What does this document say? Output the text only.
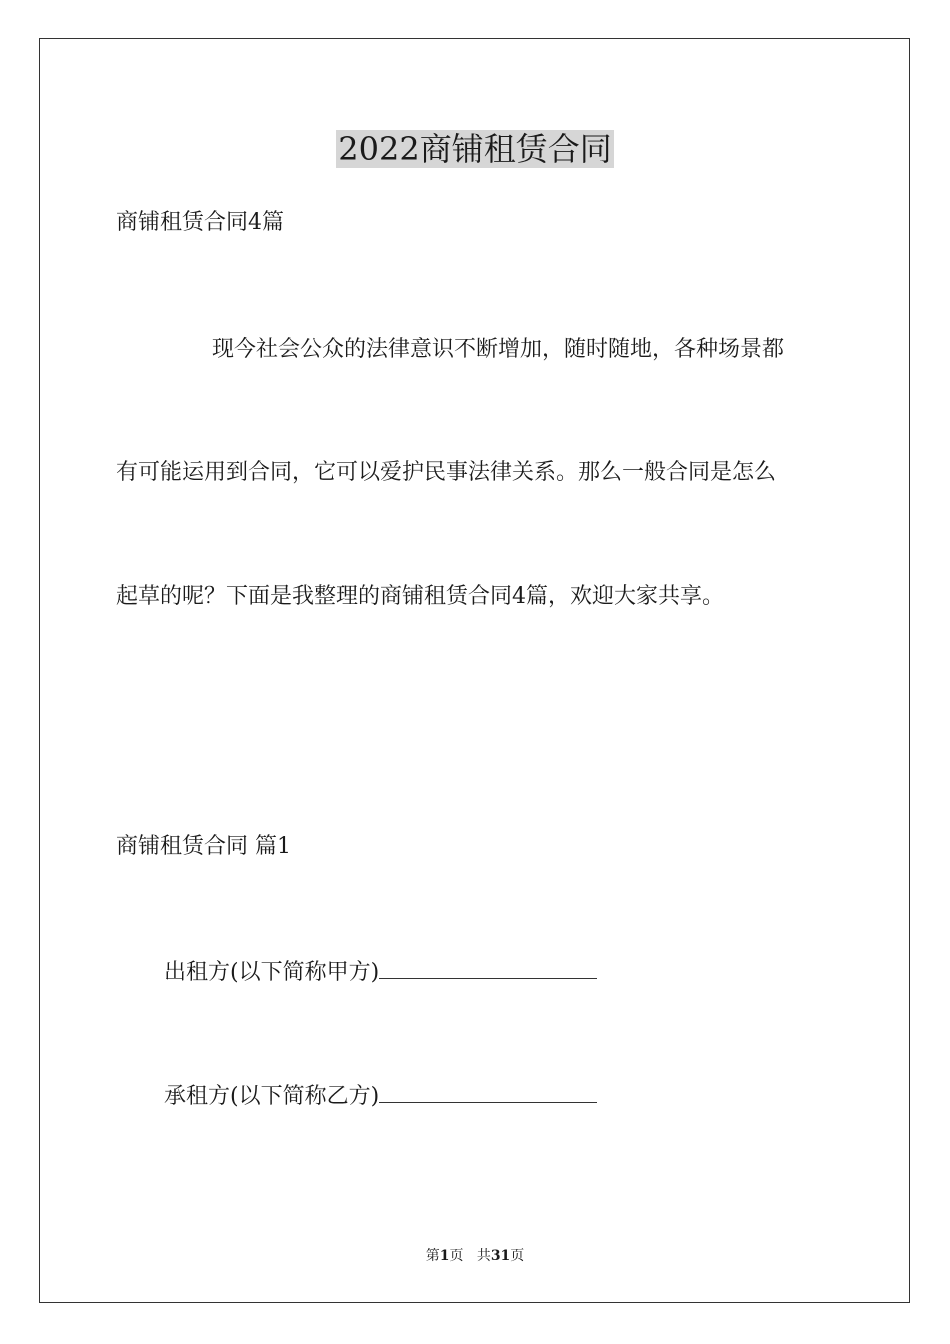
2022商铺租赁合同
商铺租赁合同4篇
现今社会公众的法律意识不断增加，随时随地，各种场景都
有可能运用到合同，它可以爱护民事法律关系。那么一般合同是怎么
起草的呢？下面是我整理的商铺租赁合同4篇，欢迎大家共享。
商铺租赁合同 篇1
出租方(以下简称甲方)
承租方(以下简称乙方)
第1页 共31页
